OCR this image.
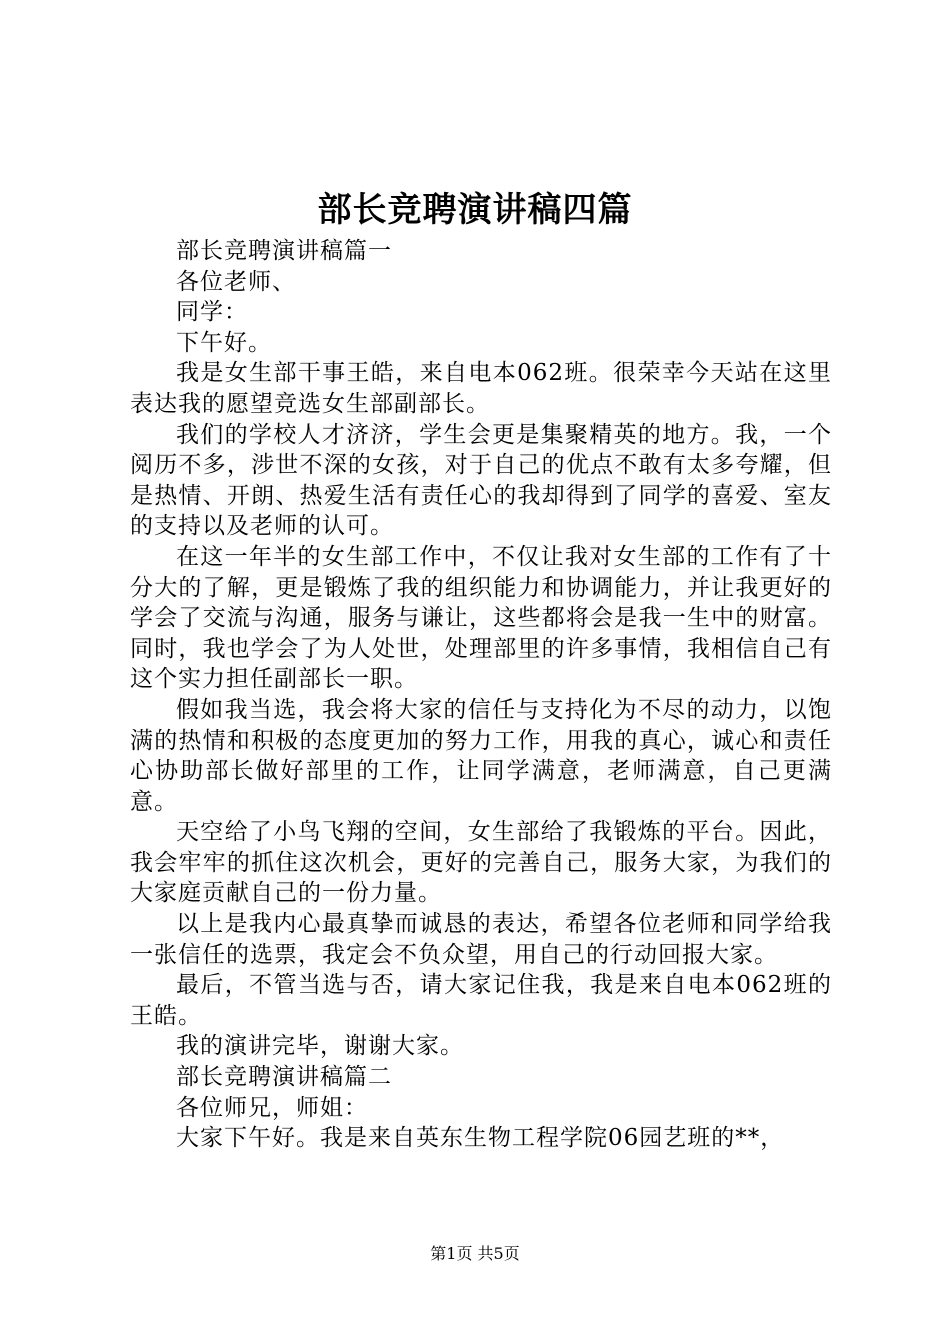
部长竞聘演讲稿四篇

部长竞聘演讲稿篇一

各位老师、

同学：

下午好。

我是女生部干事王皓，来自电本062班。很荣幸今天站在这里表达我的愿望竞选女生部副部长。

我们的学校人才济济，学生会更是集聚精英的地方。我，一个阅历不多，涉世不深的女孩，对于自己的优点不敢有太多夸耀，但是热情、开朗、热爱生活有责任心的我却得到了同学的喜爱、室友的支持以及老师的认可。

在这一年半的女生部工作中，不仅让我对女生部的工作有了十分大的了解，更是锻炼了我的组织能力和协调能力，并让我更好的学会了交流与沟通，服务与谦让，这些都将会是我一生中的财富。同时，我也学会了为人处世，处理部里的许多事情，我相信自己有这个实力担任副部长一职。

假如我当选，我会将大家的信任与支持化为不尽的动力，以饱满的热情和积极的态度更加的努力工作，用我的真心，诚心和责任心协助部长做好部里的工作，让同学满意，老师满意，自己更满意。

天空给了小鸟飞翔的空间，女生部给了我锻炼的平台。因此，我会牢牢的抓住这次机会，更好的完善自己，服务大家，为我们的大家庭贡献自己的一份力量。

以上是我内心最真挚而诚恳的表达，希望各位老师和同学给我一张信任的选票，我定会不负众望，用自己的行动回报大家。

最后，不管当选与否，请大家记住我，我是来自电本062班的王皓。

我的演讲完毕，谢谢大家。

部长竞聘演讲稿篇二

各位师兄，师姐：

大家下午好。我是来自英东生物工程学院06园艺班的**，

第1页 共5页
